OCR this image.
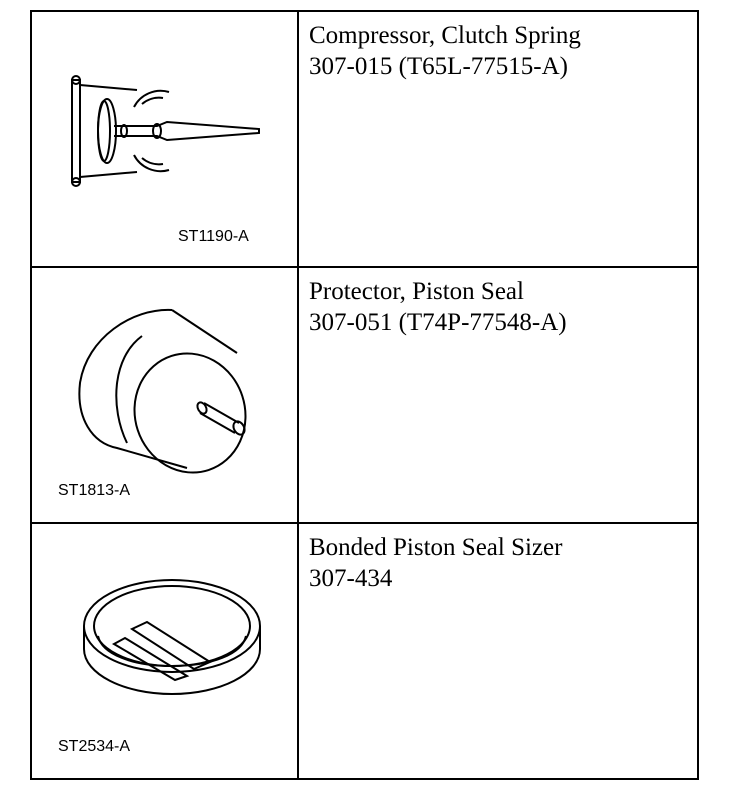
ST1190-A	Compressor, Clutch Spring
307-015 (T65L-77515-A)

ST1813-A	Protector, Piston Seal
307-051 (T74P-77548-A)

ST2534-A	Bonded Piston Seal Sizer
307-434
